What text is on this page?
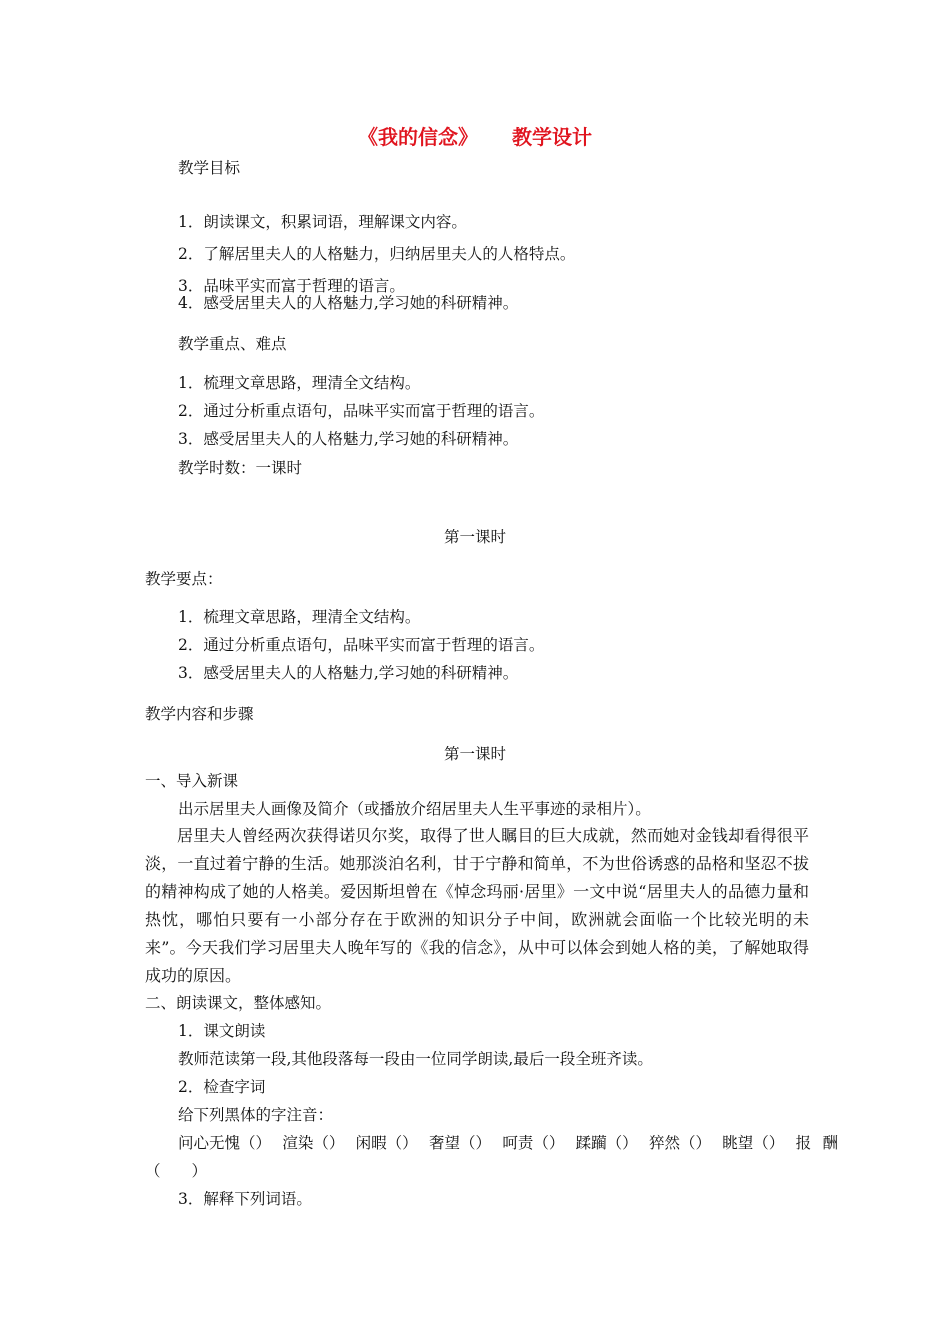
《我的信念》 教学设计
教学目标
1．朗读课文，积累词语，理解课文内容。
2．了解居里夫人的人格魅力，归纳居里夫人的人格特点。
3．品味平实而富于哲理的语言。
4．感受居里夫人的人格魅力,学习她的科研精神。
教学重点、难点
1．梳理文章思路，理清全文结构。
2．通过分析重点语句，品味平实而富于哲理的语言。
3．感受居里夫人的人格魅力,学习她的科研精神。
教学时数：一课时
第一课时
教学要点：
1．梳理文章思路，理清全文结构。
2．通过分析重点语句，品味平实而富于哲理的语言。
3．感受居里夫人的人格魅力,学习她的科研精神。
教学内容和步骤
第一课时
一、导入新课
出示居里夫人画像及简介（或播放介绍居里夫人生平事迹的录相片）。
居里夫人曾经两次获得诺贝尔奖，取得了世人瞩目的巨大成就，然而她对金钱却看得很平淡，一直过着宁静的生活。她那淡泊名利，甘于宁静和简单，不为世俗诱惑的品格和坚忍不拔的精神构成了她的人格美。爱因斯坦曾在《悼念玛丽·居里》一文中说“居里夫人的品德力量和热忱，哪怕只要有一小部分存在于欧洲的知识分子中间，欧洲就会面临一个比较光明的未来”。今天我们学习居里夫人晚年写的《我的信念》，从中可以体会到她人格的美，了解她取得成功的原因。
二、朗读课文，整体感知。
1．课文朗读
教师范读第一段,其他段落每一段由一位同学朗读,最后一段全班齐读。
2．检查字词
给下列黑体的字注音：
问心无愧（） 渲染（） 闲暇（） 奢望（） 呵责（） 蹂躏（） 猝然（） 眺望（） 报 酬
（　　）
3．解释下列词语。
